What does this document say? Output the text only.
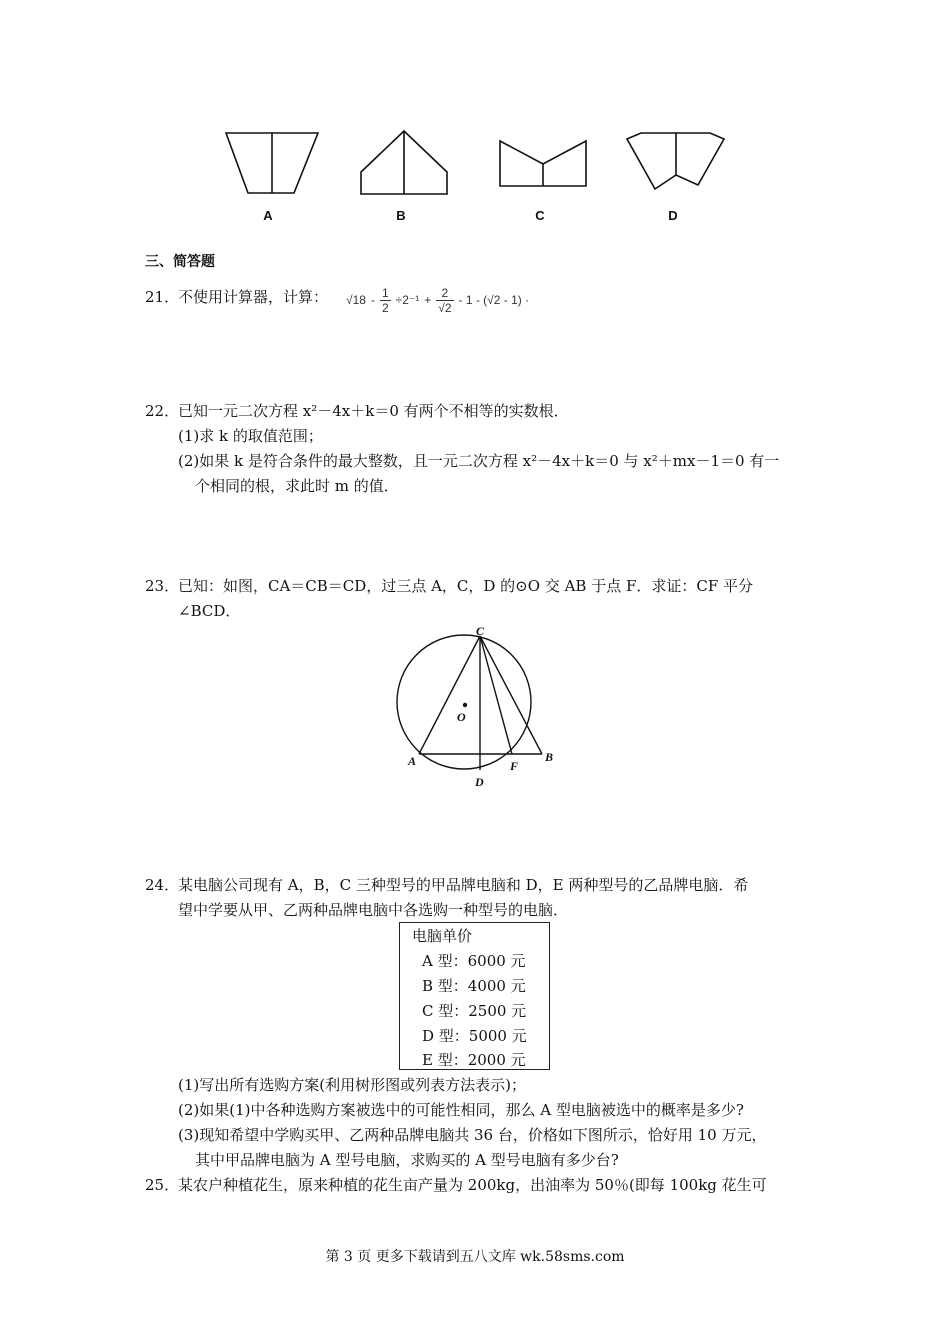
A	B	C	D
三、简答题
21．
不使用计算器，计算： $√18 - \frac{1}{2} \div 2^{-1} + \frac{2}{√2} - 1 - (√2 - 1)$ ·
22．
已知一元二次方程 x²－4x＋k＝0 有两个不相等的实数根．
(1)求 k 的取值范围；
(2)如果 k 是符合条件的最大整数，且一元二次方程 x²－4x＋k＝0 与 x²＋mx－1＝0 有一
个相同的根，求此时 m 的值．
23．
已知：如图，CA＝CB＝CD，过三点 A，C，D 的⊙O 交 AB 于点 F．求证：CF 平分
∠BCD．
C
O
A
D
F
B
24．
某电脑公司现有 A，B，C 三种型号的甲品牌电脑和 D，E 两种型号的乙品牌电脑．希
望中学要从甲、乙两种品牌电脑中各选购一种型号的电脑．
电脑单价
A 型：6000 元
B 型：4000 元
C 型：2500 元
D 型：5000 元
E 型：2000 元
(1)写出所有选购方案(利用树形图或列表方法表示)；
(2)如果(1)中各种选购方案被选中的可能性相同，那么 A 型电脑被选中的概率是多少?
(3)现知希望中学购买甲、乙两种品牌电脑共 36 台，价格如下图所示，恰好用 10 万元，
其中甲品牌电脑为 A 型号电脑，求购买的 A 型号电脑有多少台?
25．
某农户种植花生，原来种植的花生亩产量为 200kg，出油率为 50％(即每 100kg 花生可
第 3 页 更多下载请到五八文库 wk.58sms.com
